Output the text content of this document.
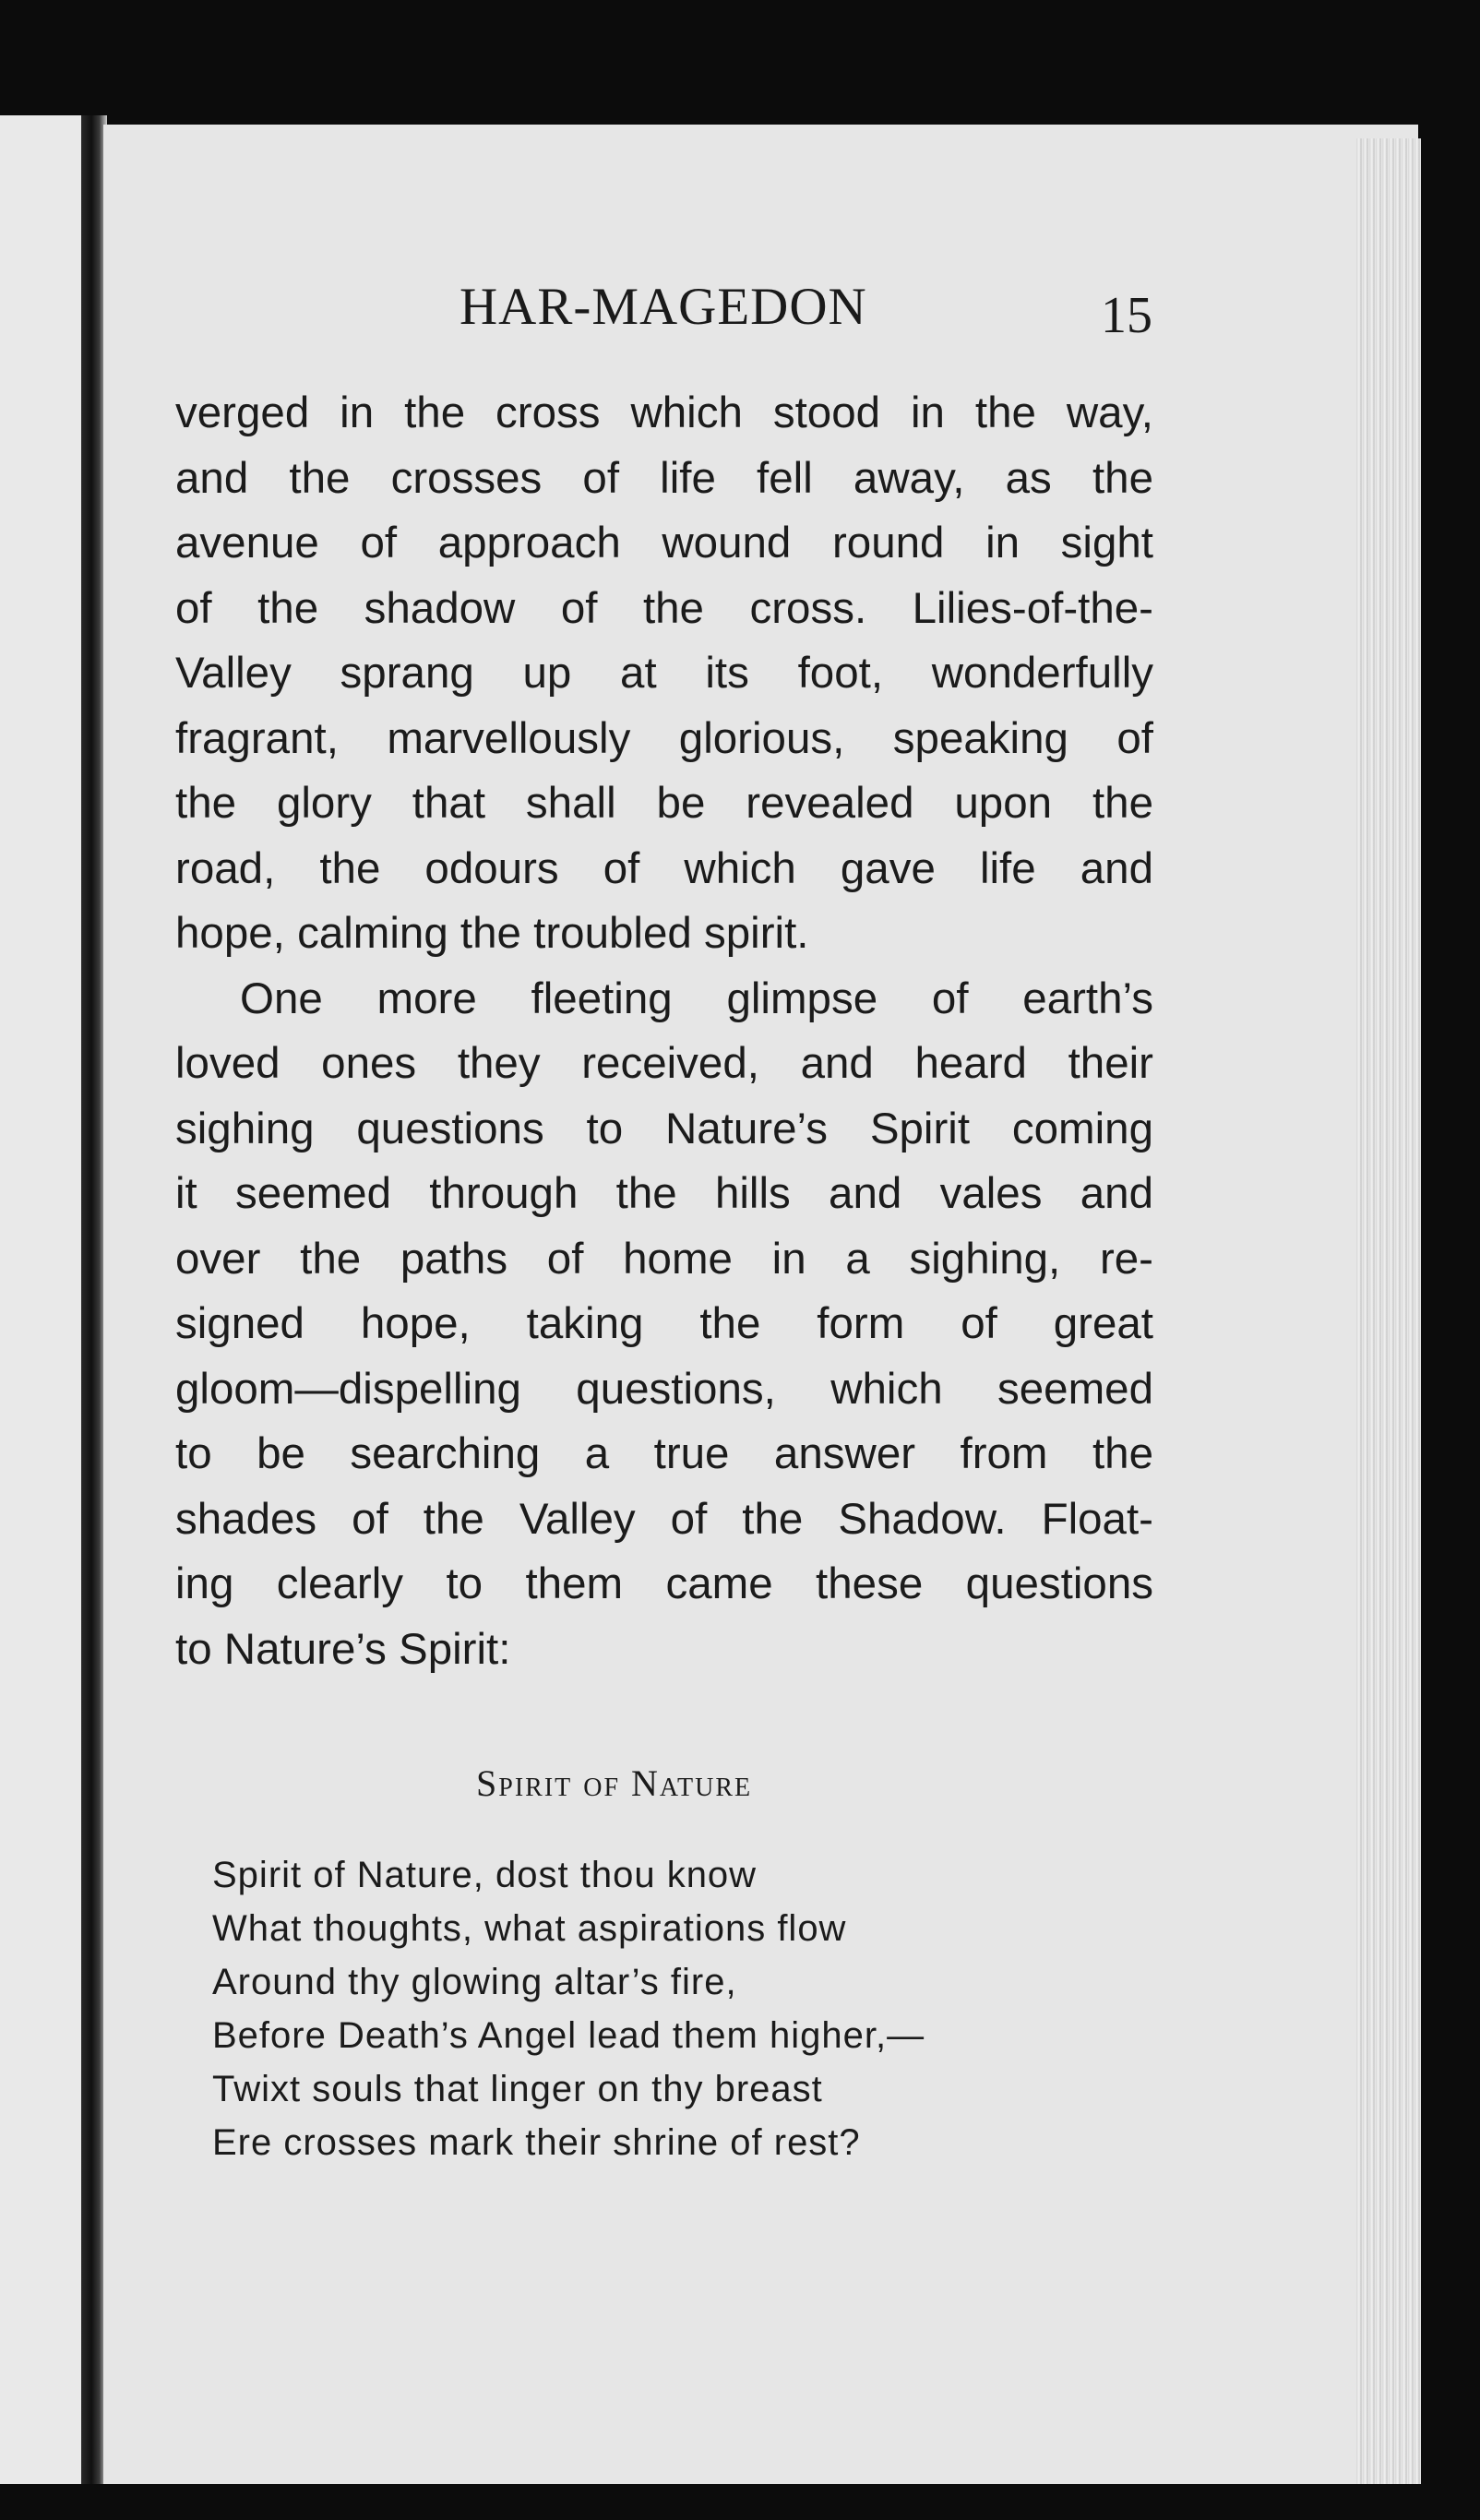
HAR-MAGEDON	15
verged in the cross which stood in the way,
and the crosses of life fell away, as the
avenue of approach wound round in sight
of the shadow of the cross. Lilies-of-the-
Valley sprang up at its foot, wonderfully
fragrant, marvellously glorious, speaking of
the glory that shall be revealed upon the
road, the odours of which gave life and
hope, calming the troubled spirit.
One more fleeting glimpse of earth’s
loved ones they received, and heard their
sighing questions to Nature’s Spirit coming
it seemed through the hills and vales and
over the paths of home in a sighing, re-
signed hope, taking the form of great
gloom—dispelling questions, which seemed
to be searching a true answer from the
shades of the Valley of the Shadow. Float-
ing clearly to them came these questions
to Nature’s Spirit:
Spirit of Nature
Spirit of Nature, dost thou know
What thoughts, what aspirations flow
Around thy glowing altar’s fire,
Before Death’s Angel lead them higher,—
Twixt souls that linger on thy breast
Ere crosses mark their shrine of rest?
